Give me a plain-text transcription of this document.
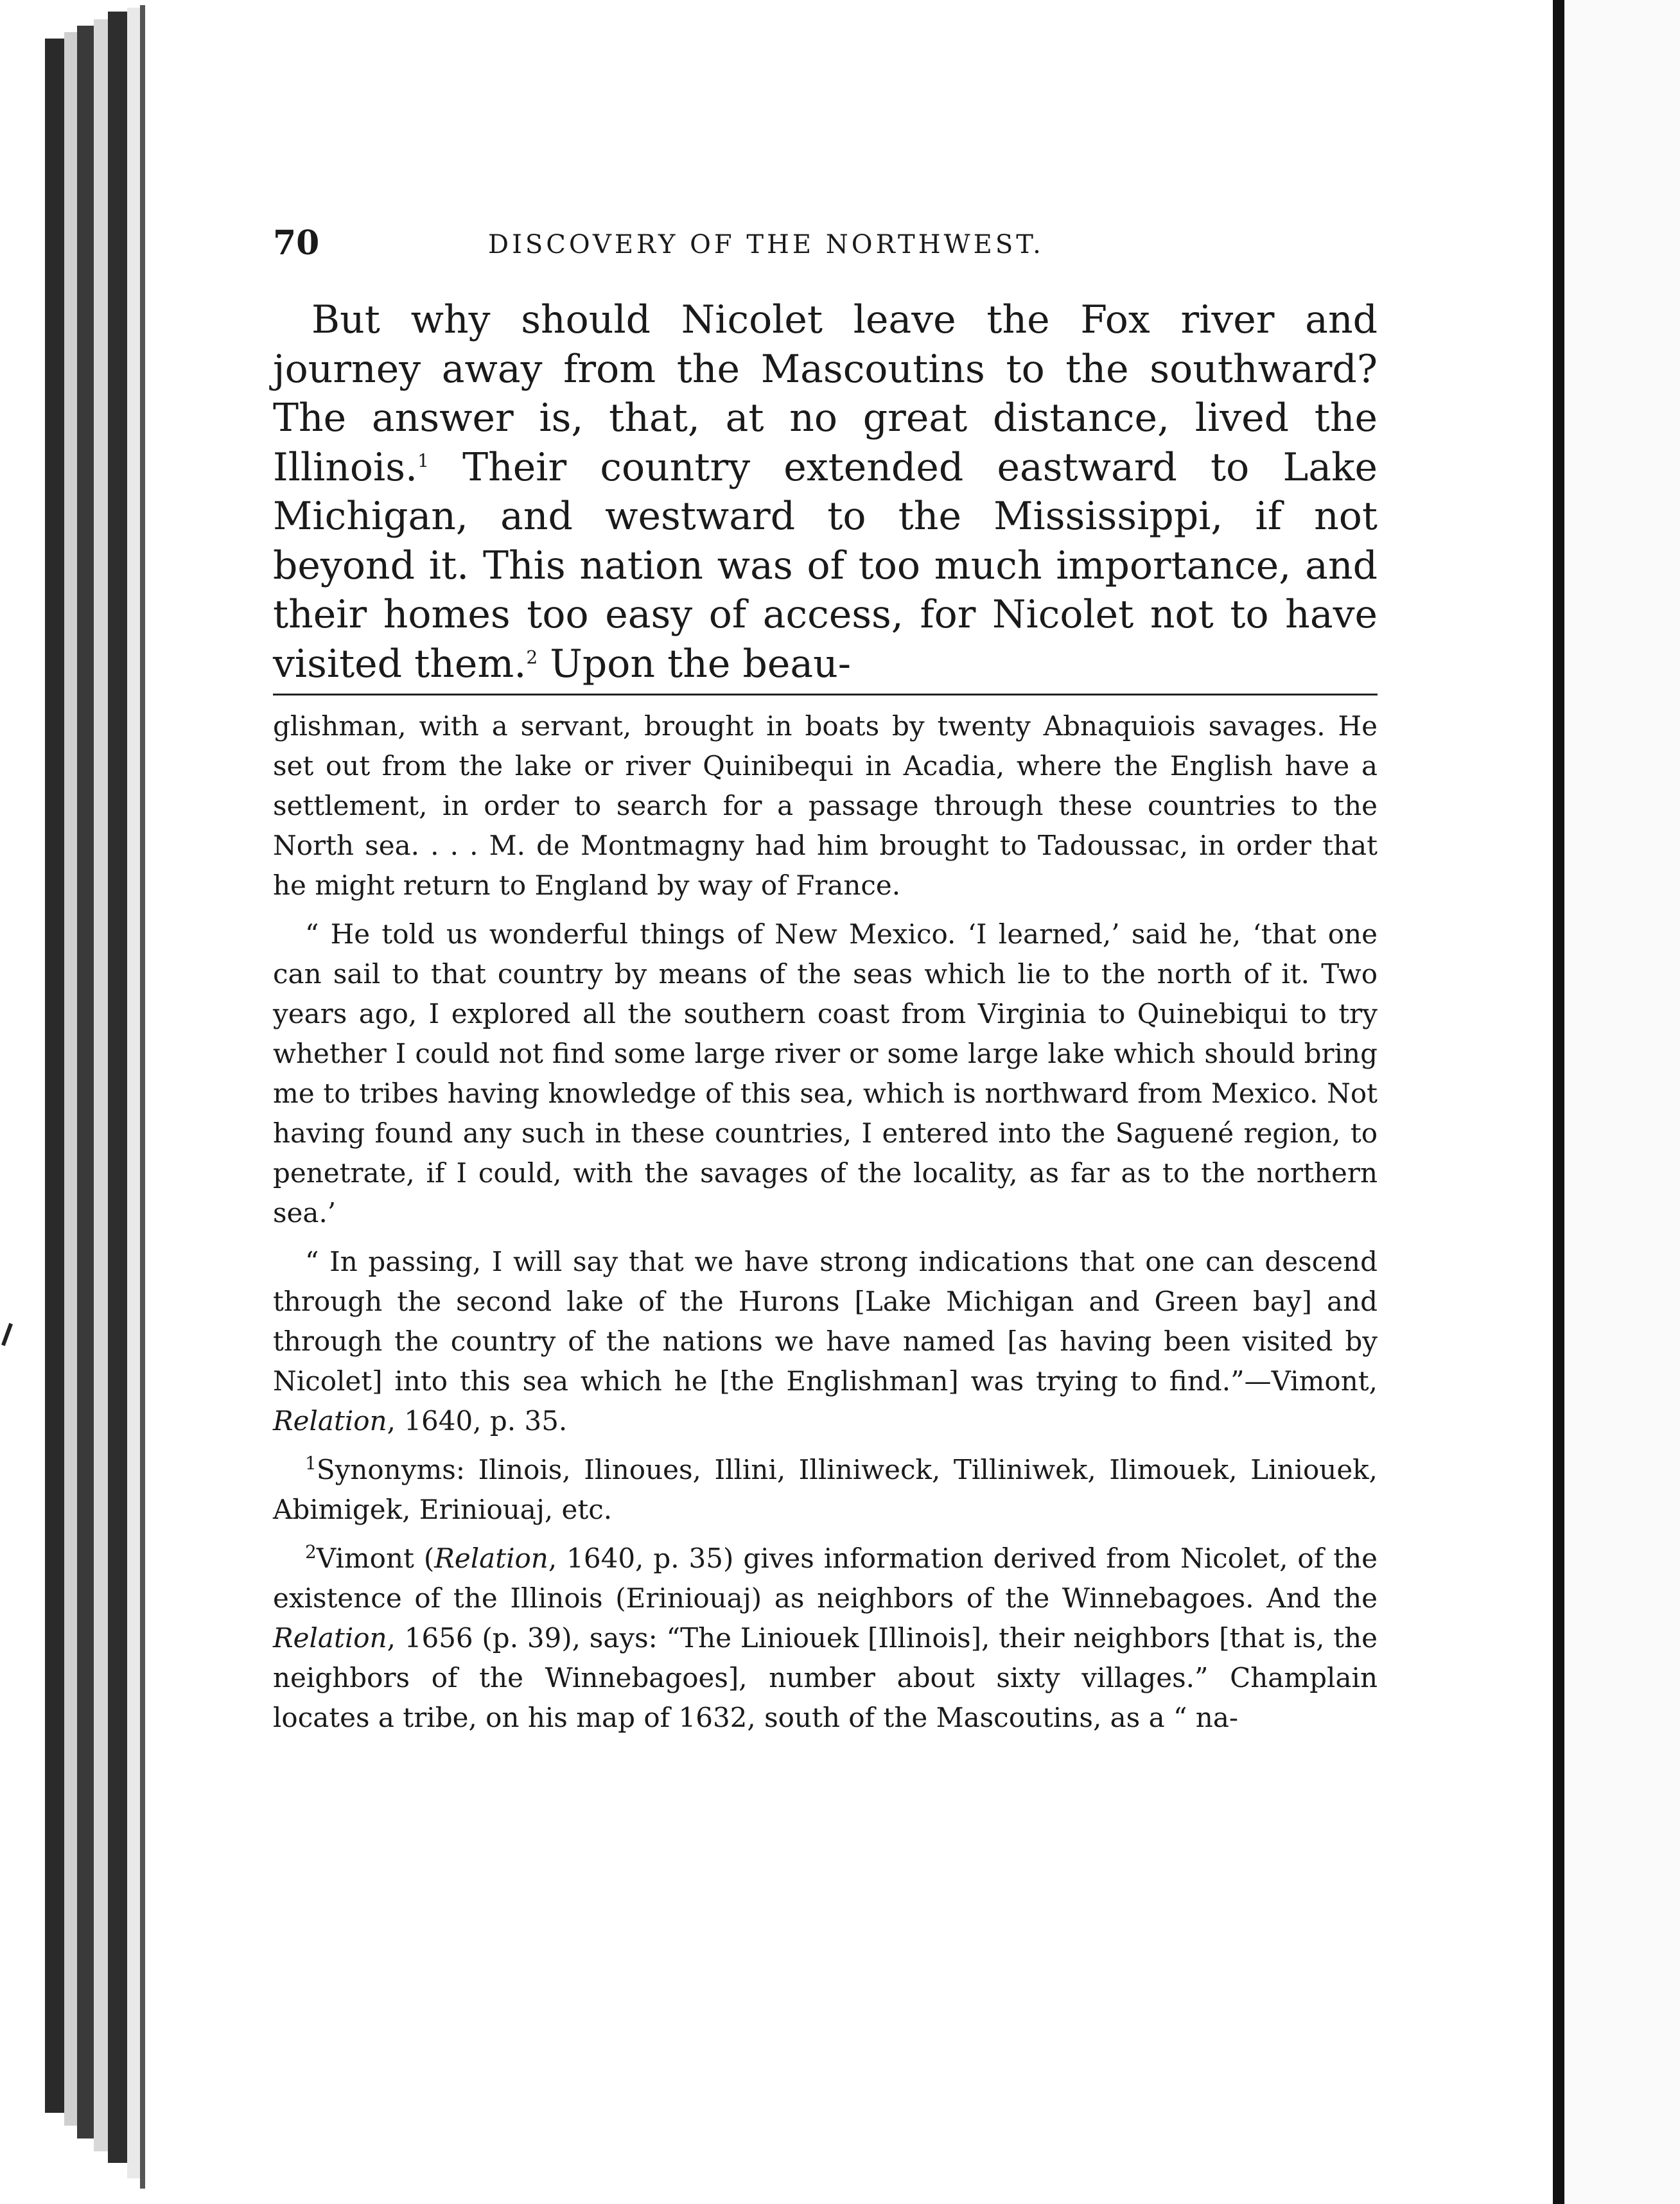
70	DISCOVERY OF THE NORTHWEST.

But why should Nicolet leave the Fox river and journey away from the Mascoutins to the southward? The answer is, that, at no great distance, lived the Illinois.$^1$ Their country extended eastward to Lake Michigan, and westward to the Mississippi, if not beyond it. This nation was of too much importance, and their homes too easy of access, for Nicolet not to have visited them.$^2$ Upon the beau-

glishman, with a servant, brought in boats by twenty Abnaquiois savages. He set out from the lake or river Quinibequi in Acadia, where the English have a settlement, in order to search for a passage through these countries to the North sea. . . . M. de Montmagny had him brought to Tadoussac, in order that he might return to England by way of France.

“ He told us wonderful things of New Mexico. ‘I learned,’ said he, ‘that one can sail to that country by means of the seas which lie to the north of it. Two years ago, I explored all the southern coast from Virginia to Quinebiqui to try whether I could not find some large river or some large lake which should bring me to tribes having knowledge of this sea, which is northward from Mexico. Not having found any such in these countries, I entered into the Saguené region, to penetrate, if I could, with the savages of the locality, as far as to the northern sea.’

“ In passing, I will say that we have strong indications that one can descend through the second lake of the Hurons [Lake Michigan and Green bay] and through the country of the nations we have named [as having been visited by Nicolet] into this sea which he [the Englishman] was trying to find.”—Vimont, Relation, 1640, p. 35.

$^1$Synonyms: Ilinois, Ilinoues, Illini, Illiniweck, Tilliniwek, Ilimouek, Liniouek, Abimigek, Eriniouaj, etc.

$^2$Vimont (Relation, 1640, p. 35) gives information derived from Nicolet, of the existence of the Illinois (Eriniouaj) as neighbors of the Winnebagoes. And the Relation, 1656 (p. 39), says: “The Liniouek [Illinois], their neighbors [that is, the neighbors of the Winnebagoes], number about sixty villages.” Champlain locates a tribe, on his map of 1632, south of the Mascoutins, as a “ na-
